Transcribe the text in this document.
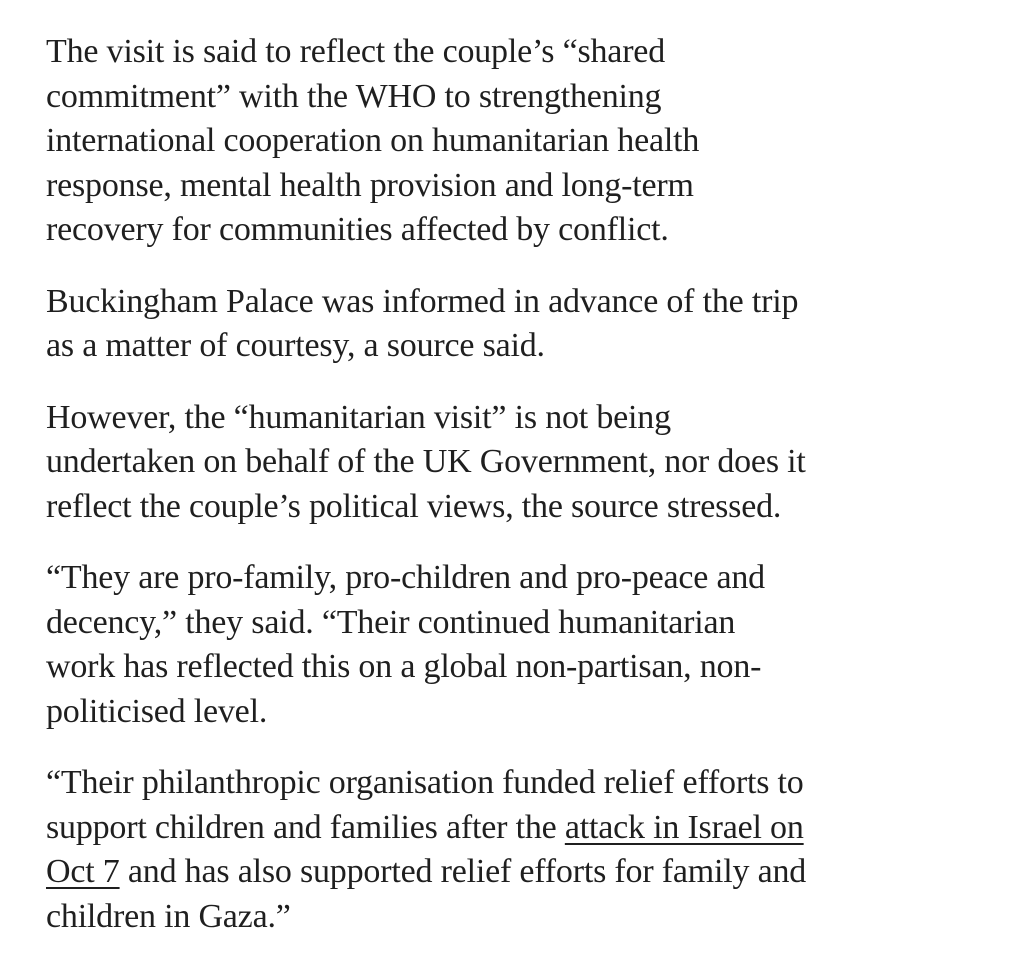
The visit is said to reflect the couple’s “shared
commitment” with the WHO to strengthening
international cooperation on humanitarian health
response, mental health provision and long-term
recovery for communities affected by conflict.

Buckingham Palace was informed in advance of the trip
as a matter of courtesy, a source said.

However, the “humanitarian visit” is not being
undertaken on behalf of the UK Government, nor does it
reflect the couple’s political views, the source stressed.

“They are pro-family, pro-children and pro-peace and
decency,” they said. “Their continued humanitarian
work has reflected this on a global non-partisan, non-
politicised level.

“Their philanthropic organisation funded relief efforts to
support children and families after the attack in Israel on
Oct 7 and has also supported relief efforts for family and
children in Gaza.”
